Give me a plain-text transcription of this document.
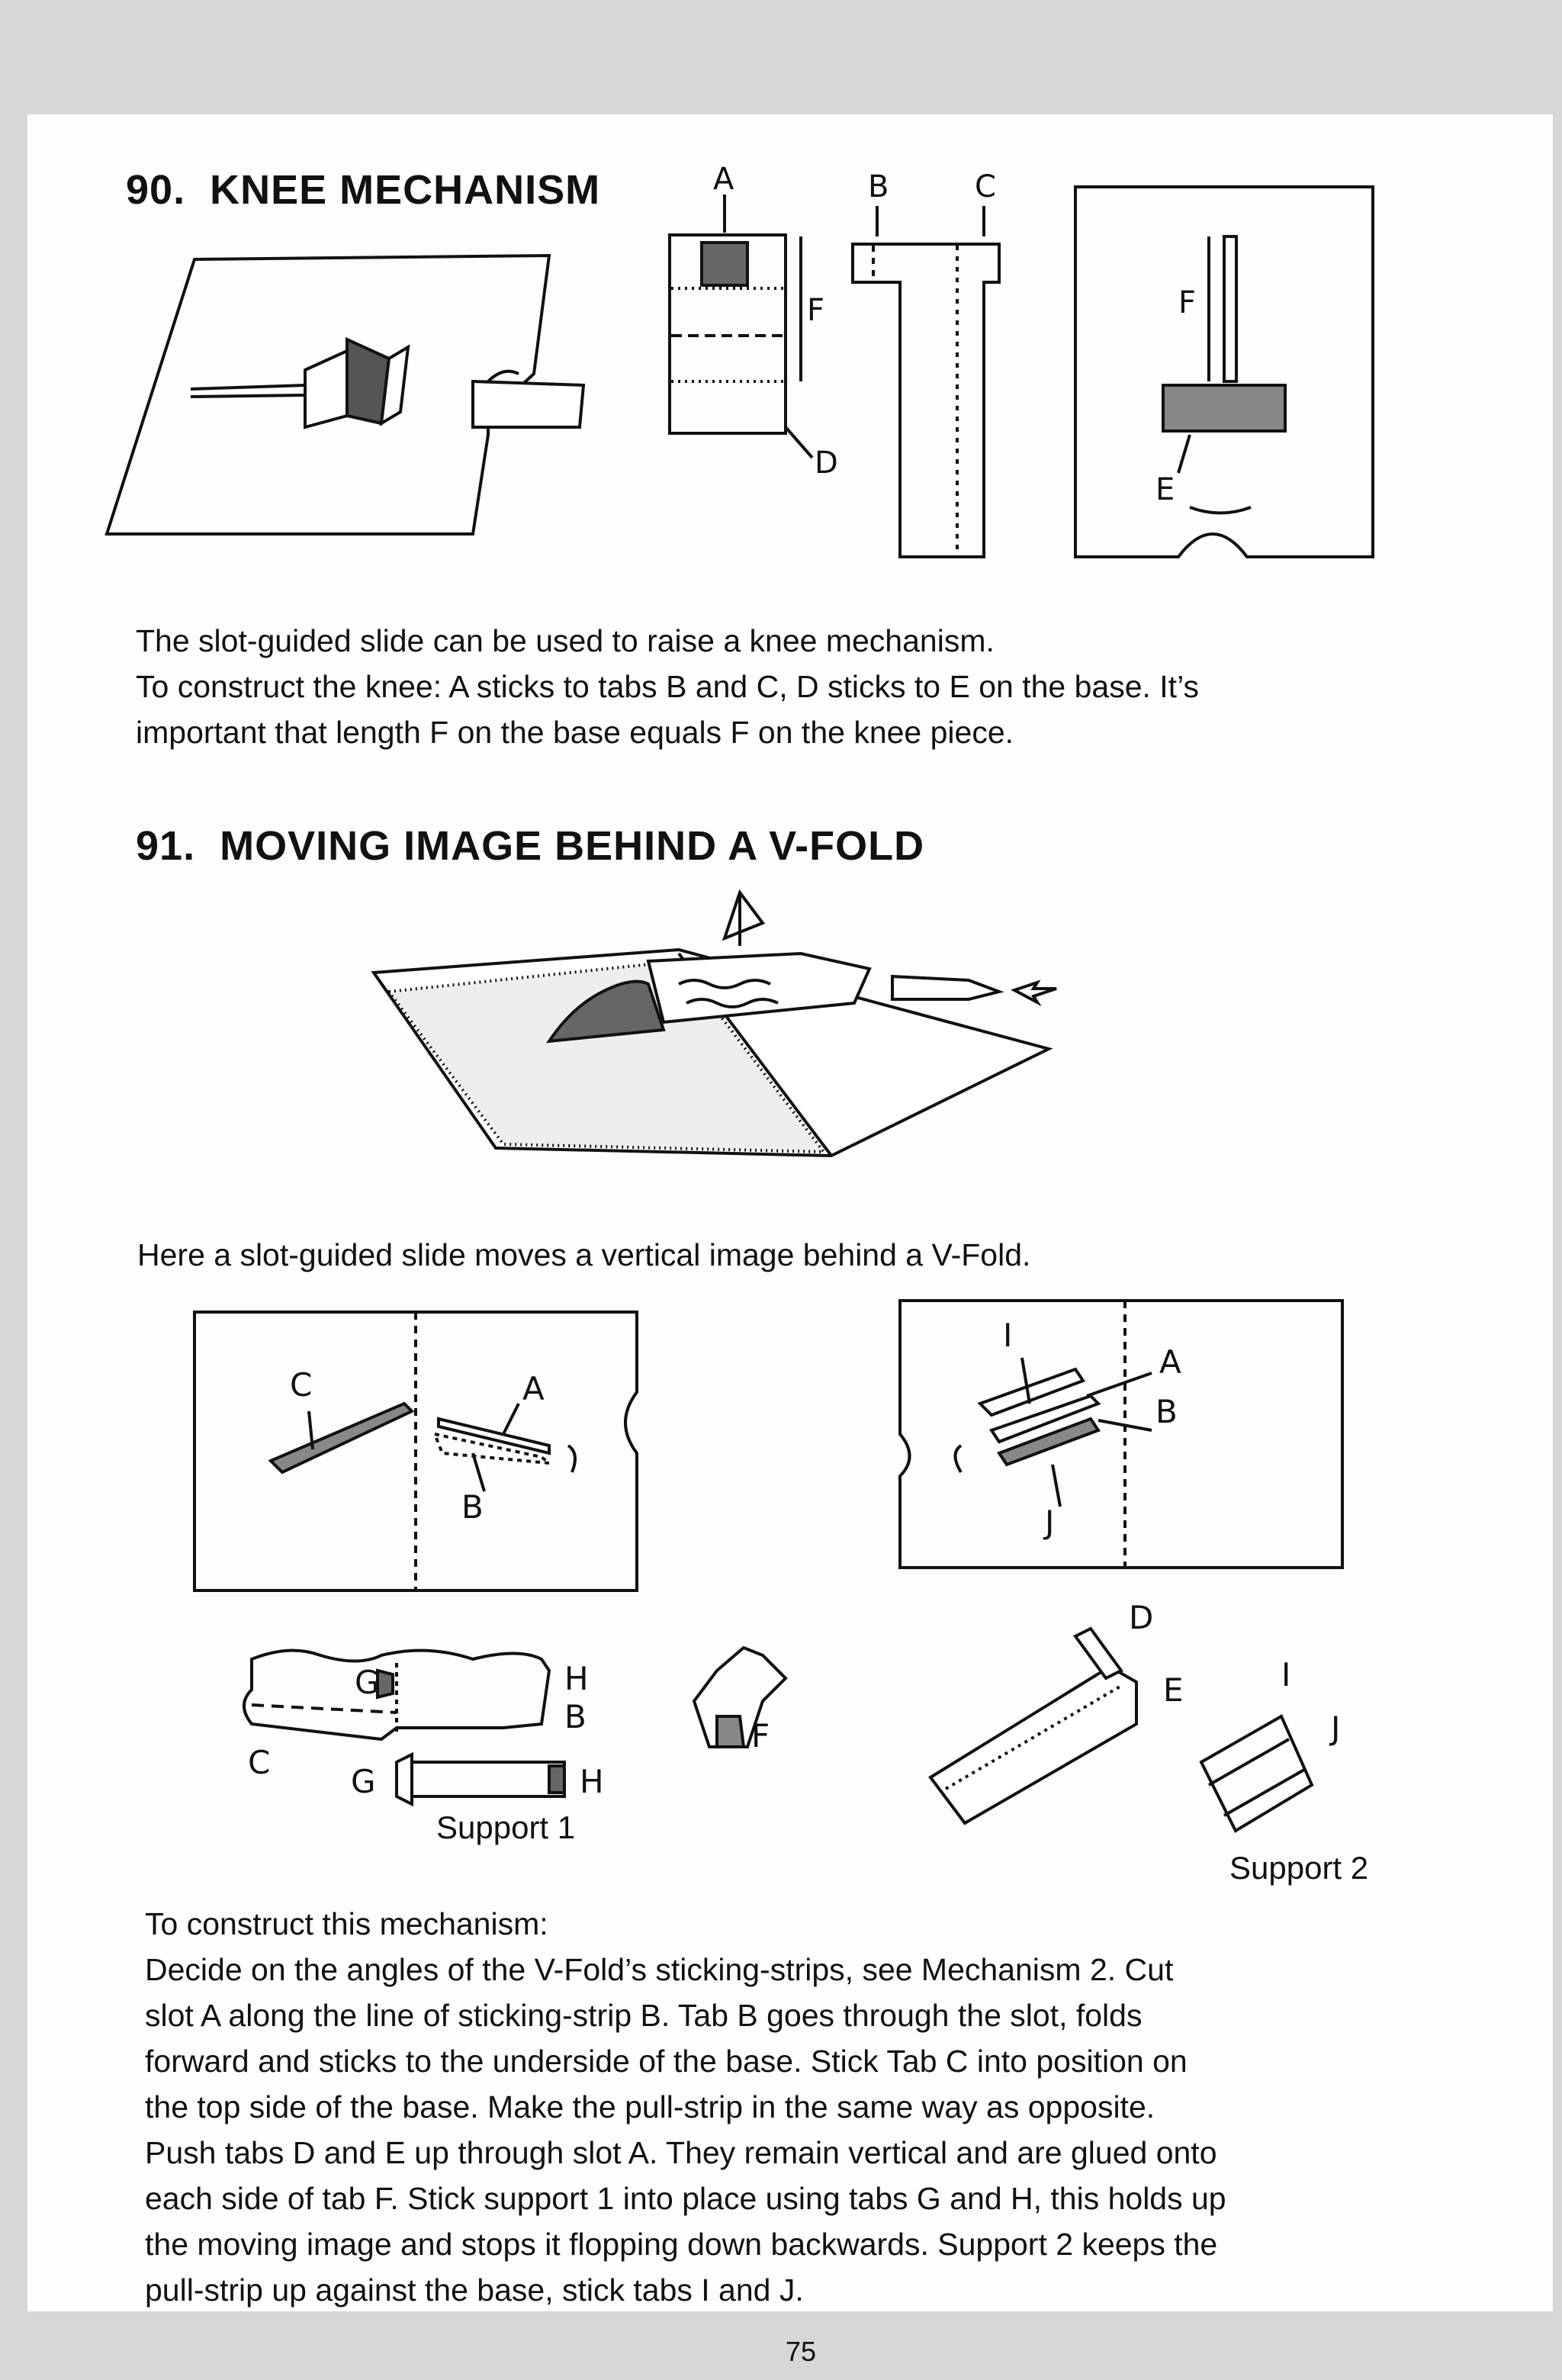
90. KNEE MECHANISM	A	B	C
F
D
F
E
The slot-guided slide can be used to raise a knee mechanism.
To construct the knee: A sticks to tabs B and C, D sticks to E on the base. It’s
important that length F on the base equals F on the knee piece.
91. MOVING IMAGE BEHIND A V-FOLD
Here a slot-guided slide moves a vertical image behind a V-Fold.
C	A
B
I
A
B
J
G	H
B
C
G	H
F
D
E	I
J
Support 1
Support 2
To construct this mechanism:
Decide on the angles of the V-Fold’s sticking-strips, see Mechanism 2. Cut
slot A along the line of sticking-strip B. Tab B goes through the slot, folds
forward and sticks to the underside of the base. Stick Tab C into position on
the top side of the base. Make the pull-strip in the same way as opposite.
Push tabs D and E up through slot A. They remain vertical and are glued onto
each side of tab F. Stick support 1 into place using tabs G and H, this holds up
the moving image and stops it flopping down backwards. Support 2 keeps the
pull-strip up against the base, stick tabs I and J.
75
